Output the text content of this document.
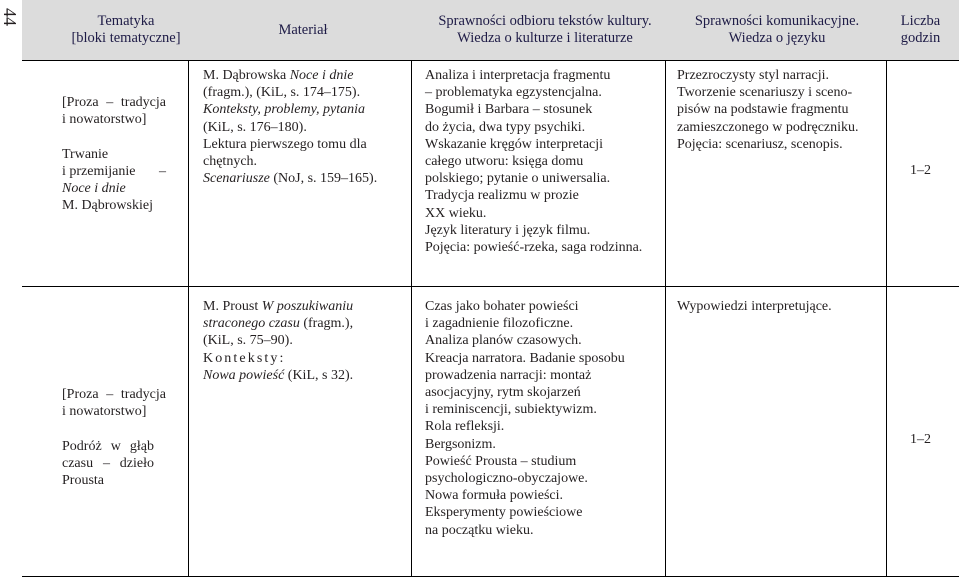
44	Tematyka
[bloki tematyczne]
Materiał
Sprawności odbioru tekstów kultury.
Wiedza o kulturze i literaturze
Sprawności komunikacyjne.
Wiedza o języku
Liczba
godzin
[Proza – tradycja
i nowatorstwo]
Trwanie
i przemijanie –
Noce i dnie
M. Dąbrowskiej
M. Dąbrowska Noce i dnie
(fragm.), (KiL, s. 174–175).
Konteksty, problemy, pytania
(KiL, s. 176–180).
Lektura pierwszego tomu dla
chętnych.
Scenariusze (NoJ, s. 159–165).
Analiza i interpretacja fragmentu
– problematyka egzystencjalna.
Bogumił i Barbara – stosunek
do życia, dwa typy psychiki.
Wskazanie kręgów interpretacji
całego utworu: księga domu
polskiego; pytanie o uniwersalia.
Tradycja realizmu w prozie
XX wieku.
Język literatury i język filmu.
Pojęcia: powieść-rzeka, saga rodzinna.
Przezroczysty styl narracji.
Tworzenie scenariuszy i sceno-
pisów na podstawie fragmentu
zamieszczonego w podręczniku.
Pojęcia: scenariusz, scenopis.
1–2
[Proza – tradycja
i nowatorstwo]
Podróż w głąb
czasu – dzieło
Prousta
M. Proust W poszukiwaniu
straconego czasu (fragm.),
(KiL, s. 75–90).
Konteksty:
Nowa powieść (KiL, s 32).
Czas jako bohater powieści
i zagadnienie filozoficzne.
Analiza planów czasowych.
Kreacja narratora. Badanie sposobu
prowadzenia narracji: montaż
asocjacyjny, rytm skojarzeń
i reminiscencji, subiektywizm.
Rola refleksji.
Bergsonizm.
Powieść Prousta – studium
psychologiczno-obyczajowe.
Nowa formuła powieści.
Eksperymenty powieściowe
na początku wieku.
Wypowiedzi interpretujące.
1–2
